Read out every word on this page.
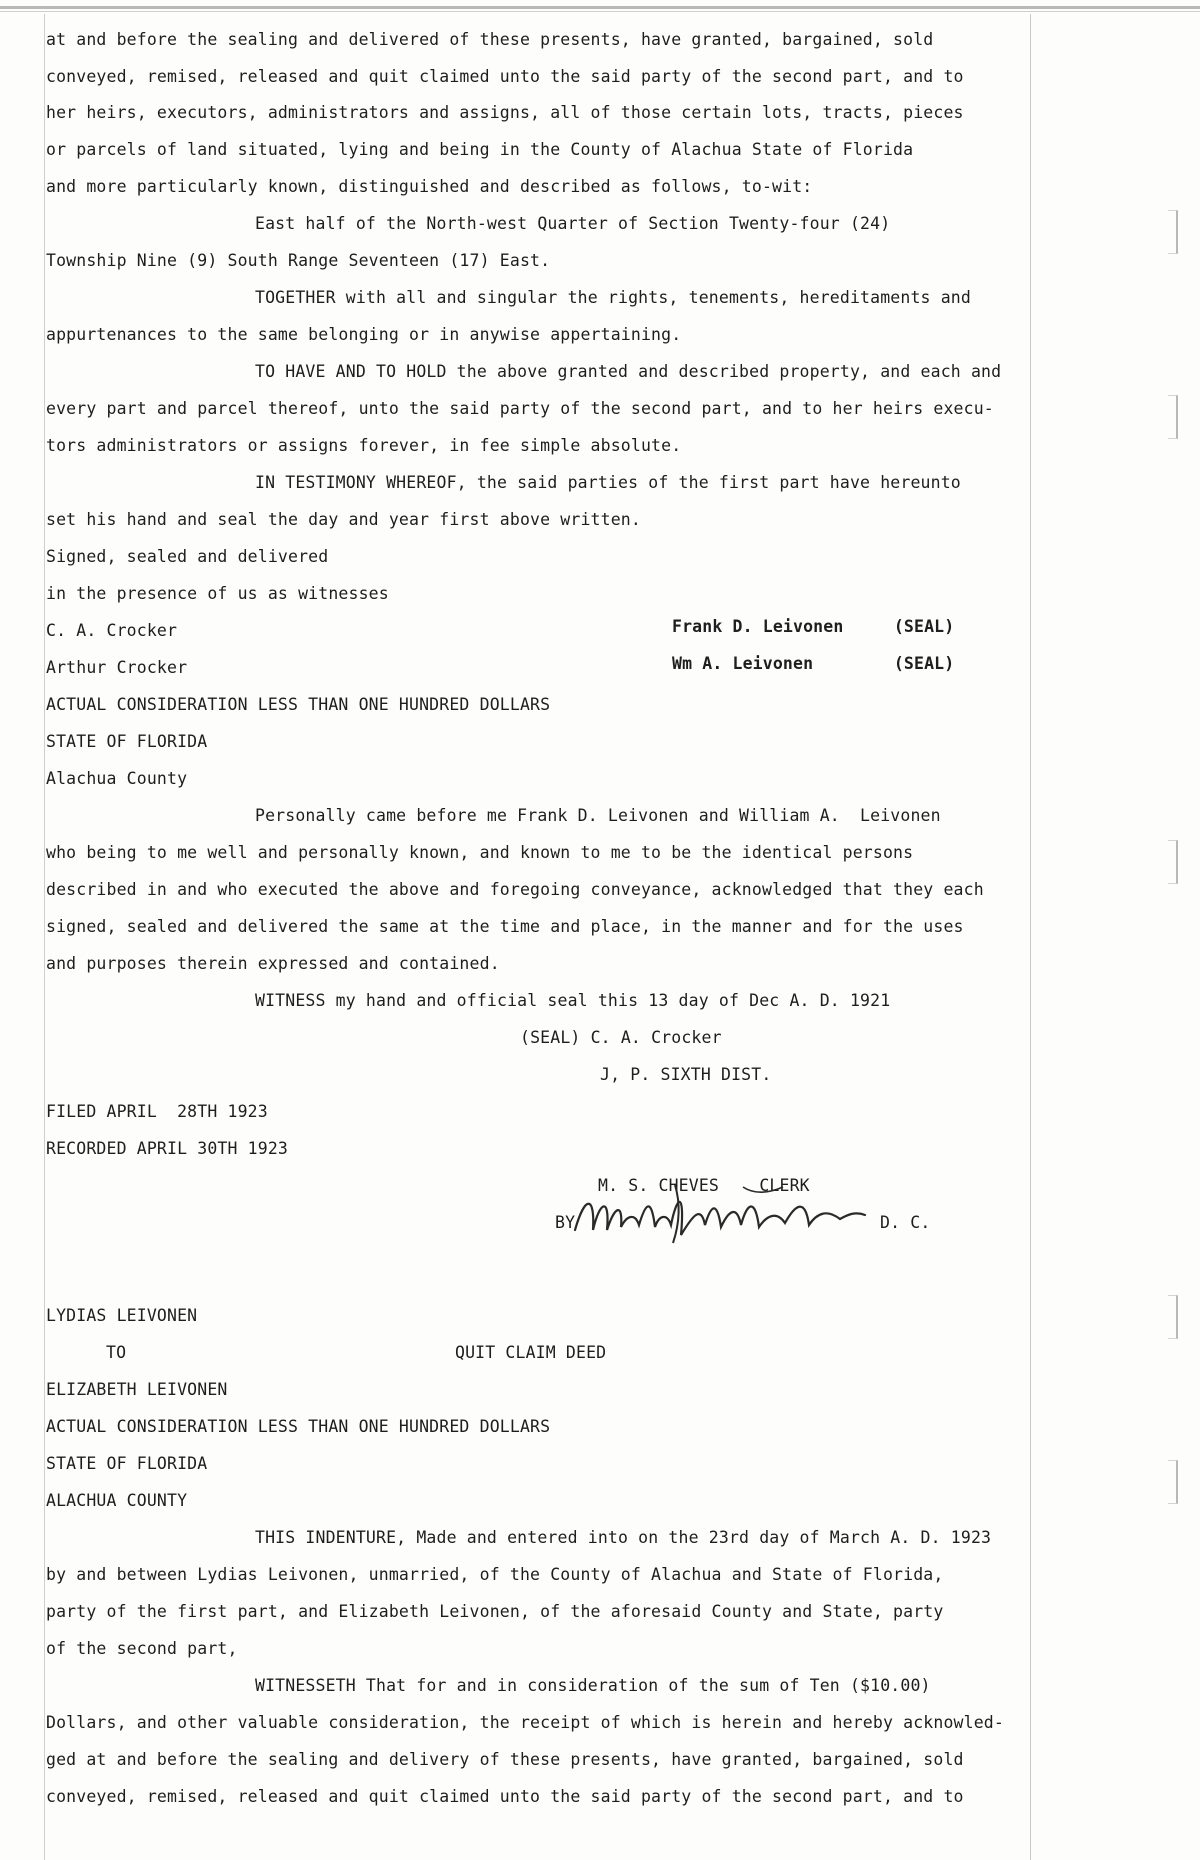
at and before the sealing and delivered of these presents, have granted, bargained, sold

conveyed, remised, released and quit claimed unto the said party of the second part, and to

her heirs, executors, administrators and assigns, all of those certain lots, tracts, pieces

or parcels of land situated, lying and being in the County of Alachua State of Florida

and more particularly known, distinguished and described as follows, to-wit:

East half of the North-west Quarter of Section Twenty-four (24)

Township Nine (9) South Range Seventeen (17) East.

TOGETHER with all and singular the rights, tenements, hereditaments and

appurtenances to the same belonging or in anywise appertaining.

TO HAVE AND TO HOLD the above granted and described property, and each and

every part and parcel thereof, unto the said party of the second part, and to her heirs execu-

tors administrators or assigns forever, in fee simple absolute.

IN TESTIMONY WHEREOF, the said parties of the first part have hereunto

set his hand and seal the day and year first above written.

Signed, sealed and delivered

in the presence of us as witnesses

C. A. Crocker	Frank D. Leivonen     (SEAL)

Arthur Crocker	Wm A. Leivonen        (SEAL)

ACTUAL CONSIDERATION LESS THAN ONE HUNDRED DOLLARS

STATE OF FLORIDA

Alachua County

Personally came before me Frank D. Leivonen and William A.  Leivonen

who being to me well and personally known, and known to me to be the identical persons

described in and who executed the above and foregoing conveyance, acknowledged that they each

signed, sealed and delivered the same at the time and place, in the manner and for the uses

and purposes therein expressed and contained.

WITNESS my hand and official seal this 13 day of Dec A. D. 1921

(SEAL) C. A. Crocker

J, P. SIXTH DIST.

FILED APRIL  28TH 1923

RECORDED APRIL 30TH 1923

M. S. CHEVES    CLERK

BY	D. C.

LYDIAS LEIVONEN

TO	QUIT CLAIM DEED

ELIZABETH LEIVONEN

ACTUAL CONSIDERATION LESS THAN ONE HUNDRED DOLLARS

STATE OF FLORIDA

ALACHUA COUNTY

THIS INDENTURE, Made and entered into on the 23rd day of March A. D. 1923

by and between Lydias Leivonen, unmarried, of the County of Alachua and State of Florida,

party of the first part, and Elizabeth Leivonen, of the aforesaid County and State, party

of the second part,

WITNESSETH That for and in consideration of the sum of Ten ($10.00)

Dollars, and other valuable consideration, the receipt of which is herein and hereby acknowled-

ged at and before the sealing and delivery of these presents, have granted, bargained, sold

conveyed, remised, released and quit claimed unto the said party of the second part, and to
